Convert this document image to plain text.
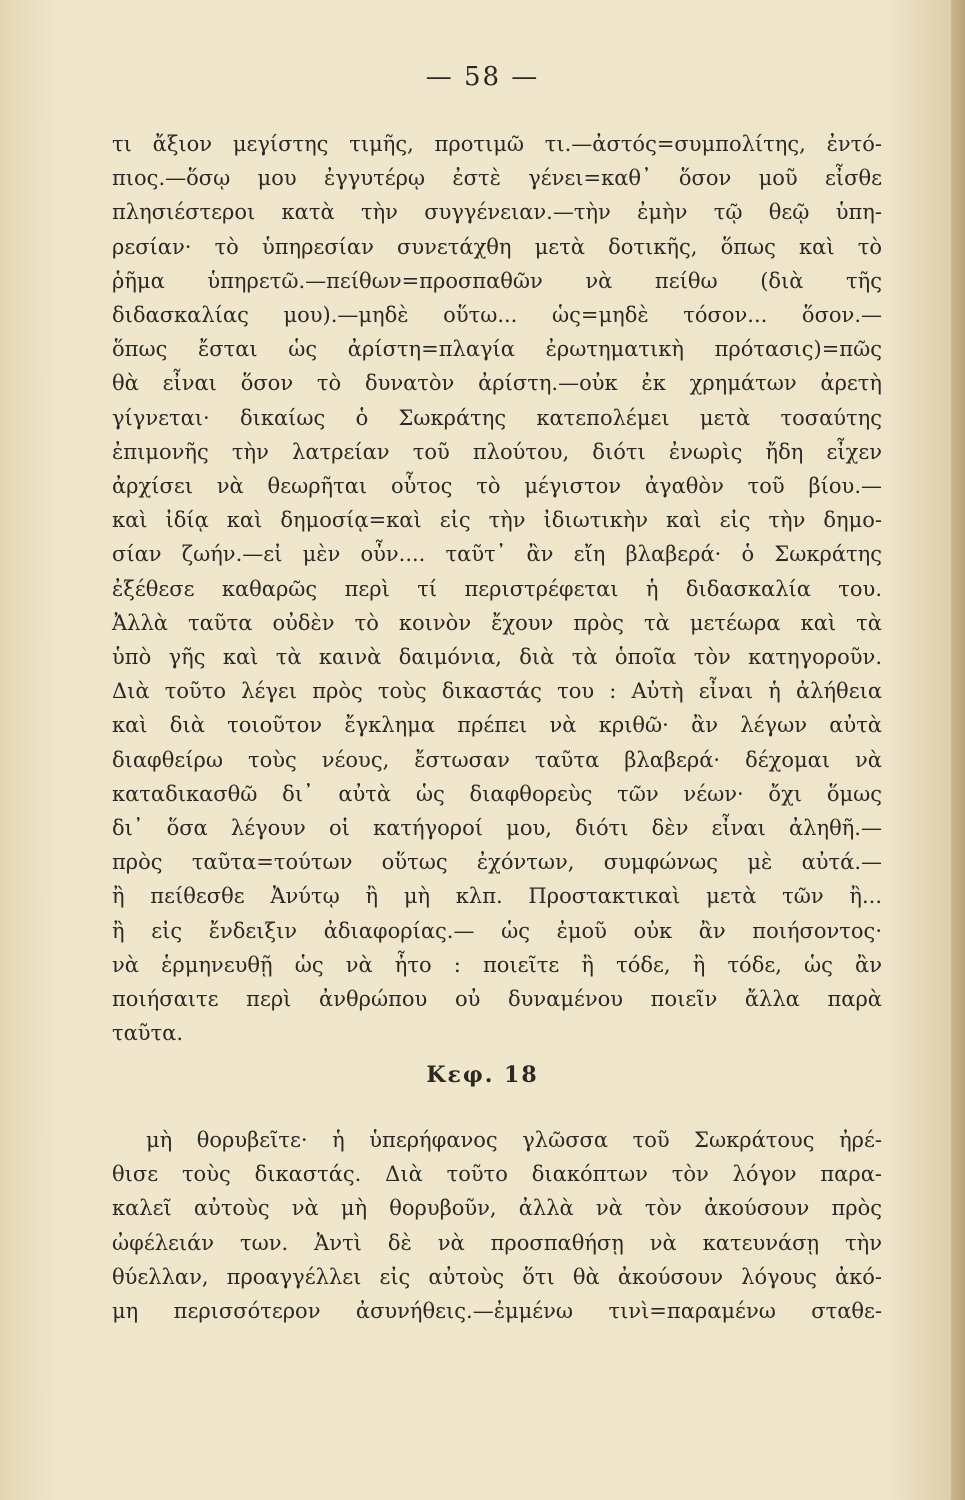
— 58 —

τι ἄξιον μεγίστης τιμῆς, προτιμῶ τι.—ἀστός=συμπολίτης, ἐντό-

πιος.—ὅσῳ μου ἐγγυτέρῳ ἐστὲ γένει=καθ᾽ ὅσον μοῦ εἶσθε

πλησιέστεροι κατὰ τὴν συγγένειαν.—τὴν ἐμὴν τῷ θεῷ ὑπη-

ρεσίαν· τὸ ὑπηρεσίαν συνετάχθη μετὰ δοτικῆς, ὅπως καὶ τὸ

ῥῆμα ὑπηρετῶ.—πείθων=προσπαθῶν νὰ πείθω (διὰ τῆς

διδασκαλίας μου).—μηδὲ οὕτω... ὡς=μηδὲ τόσον... ὅσον.—

ὅπως ἔσται ὡς ἀρίστη=πλαγία ἐρωτηματικὴ πρότασις)=πῶς

θὰ εἶναι ὅσον τὸ δυνατὸν ἀρίστη.—οὐκ ἐκ χρημάτων ἀρετὴ

γίγνεται· δικαίως ὁ Σωκράτης κατεπολέμει μετὰ τοσαύτης

ἐπιμονῆς τὴν λατρείαν τοῦ πλούτου, διότι ἐνωρὶς ἤδη εἶχεν

ἀρχίσει νὰ θεωρῆται οὗτος τὸ μέγιστον ἀγαθὸν τοῦ βίου.—

καὶ ἰδίᾳ καὶ δημοσίᾳ=καὶ εἰς τὴν ἰδιωτικὴν καὶ εἰς τὴν δημο-

σίαν ζωήν.—εἰ μὲν οὖν.... ταῦτ᾽ ἂν εἴη βλαβερά· ὁ Σωκράτης

ἐξέθεσε καθαρῶς περὶ τί περιστρέφεται ἡ διδασκαλία του.

Ἀλλὰ ταῦτα οὐδὲν τὸ κοινὸν ἔχουν πρὸς τὰ μετέωρα καὶ τὰ

ὑπὸ γῆς καὶ τὰ καινὰ δαιμόνια, διὰ τὰ ὁποῖα τὸν κατηγοροῦν.

Διὰ τοῦτο λέγει πρὸς τοὺς δικαστάς του : Αὐτὴ εἶναι ἡ ἀλήθεια

καὶ διὰ τοιοῦτον ἔγκλημα πρέπει νὰ κριθῶ· ἂν λέγων αὐτὰ

διαφθείρω τοὺς νέους, ἔστωσαν ταῦτα βλαβερά· δέχομαι νὰ

καταδικασθῶ δι᾽ αὐτὰ ὡς διαφθορεὺς τῶν νέων· ὄχι ὅμως

δι᾽ ὅσα λέγουν οἱ κατήγοροί μου, διότι δὲν εἶναι ἀληθῆ.—

πρὸς ταῦτα=τούτων οὕτως ἐχόντων, συμφώνως μὲ αὐτά.—

ἢ πείθεσθε Ἀνύτῳ ἢ μὴ κλπ. Προστακτικαὶ μετὰ τῶν ἢ...

ἢ εἰς ἔνδειξιν ἀδιαφορίας.— ὡς ἐμοῦ οὐκ ἂν ποιήσοντος·

νὰ ἑρμηνευθῇ ὡς νὰ ἦτο : ποιεῖτε ἢ τόδε, ἢ τόδε, ὡς ἂν

ποιήσαιτε περὶ ἀνθρώπου οὐ δυναμένου ποιεῖν ἄλλα παρὰ

ταῦτα.

Κεφ. 18

μὴ θορυβεῖτε· ἡ ὑπερήφανος γλῶσσα τοῦ Σωκράτους ἠρέ-

θισε τοὺς δικαστάς. Διὰ τοῦτο διακόπτων τὸν λόγον παρα-

καλεῖ αὐτοὺς νὰ μὴ θορυβοῦν, ἀλλὰ νὰ τὸν ἀκούσουν πρὸς

ὠφέλειάν των. Ἀντὶ δὲ νὰ προσπαθήσῃ νὰ κατευνάσῃ τὴν

θύελλαν, προαγγέλλει εἰς αὐτοὺς ὅτι θὰ ἀκούσουν λόγους ἀκό-

μη περισσότερον ἀσυνήθεις.—ἐμμένω τινὶ=παραμένω σταθε-
